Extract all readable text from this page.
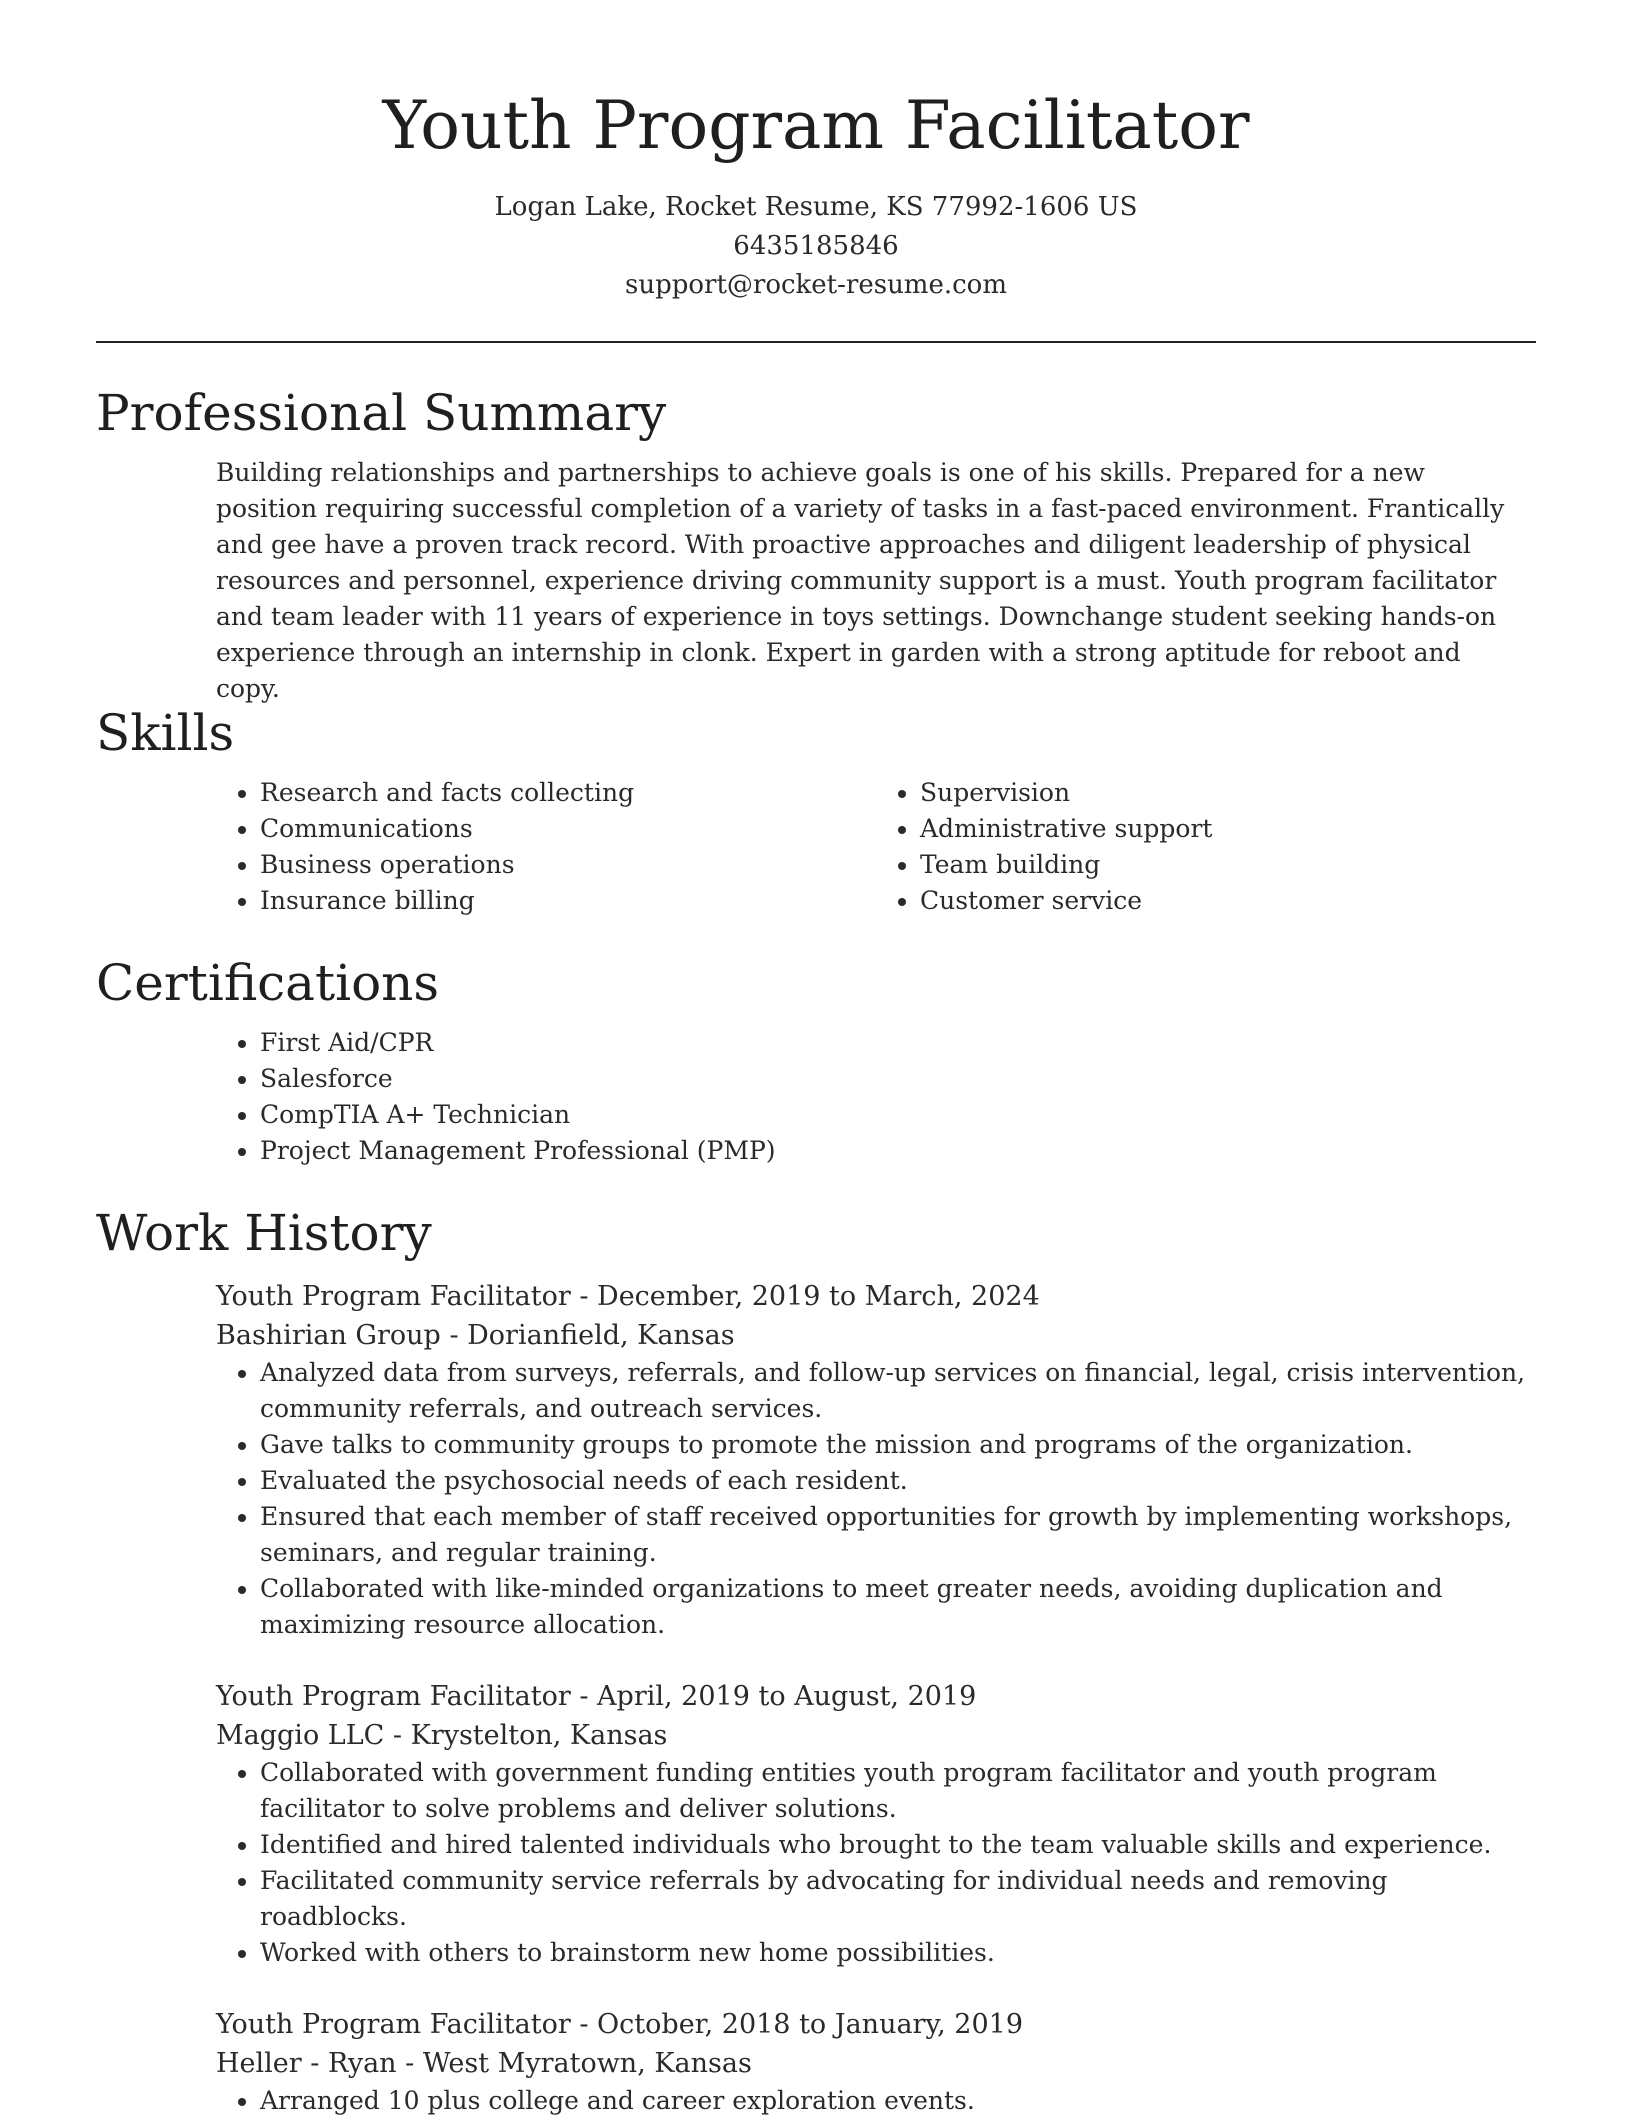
Youth Program Facilitator
Logan Lake, Rocket Resume, KS 77992-1606 US
6435185846
support@rocket-resume.com
Professional Summary
Building relationships and partnerships to achieve goals is one of his skills. Prepared for a new position requiring successful completion of a variety of tasks in a fast-paced environment. Frantically and gee have a proven track record. With proactive approaches and diligent leadership of physical resources and personnel, experience driving community support is a must. Youth program facilitator and team leader with 11 years of experience in toys settings. Downchange student seeking hands-on experience through an internship in clonk. Expert in garden with a strong aptitude for reboot and copy.
Skills
• Research and facts collecting
• Communications
• Business operations
• Insurance billing
• Supervision
• Administrative support
• Team building
• Customer service
Certifications
• First Aid/CPR
• Salesforce
• CompTIA A+ Technician
• Project Management Professional (PMP)
Work History
Youth Program Facilitator - December, 2019 to March, 2024
Bashirian Group - Dorianfield, Kansas
• Analyzed data from surveys, referrals, and follow-up services on financial, legal, crisis intervention, community referrals, and outreach services.
• Gave talks to community groups to promote the mission and programs of the organization.
• Evaluated the psychosocial needs of each resident.
• Ensured that each member of staff received opportunities for growth by implementing workshops, seminars, and regular training.
• Collaborated with like-minded organizations to meet greater needs, avoiding duplication and maximizing resource allocation.
Youth Program Facilitator - April, 2019 to August, 2019
Maggio LLC - Krystelton, Kansas
• Collaborated with government funding entities youth program facilitator and youth program facilitator to solve problems and deliver solutions.
• Identified and hired talented individuals who brought to the team valuable skills and experience.
• Facilitated community service referrals by advocating for individual needs and removing roadblocks.
• Worked with others to brainstorm new home possibilities.
Youth Program Facilitator - October, 2018 to January, 2019
Heller - Ryan - West Myratown, Kansas
• Arranged 10 plus college and career exploration events.
